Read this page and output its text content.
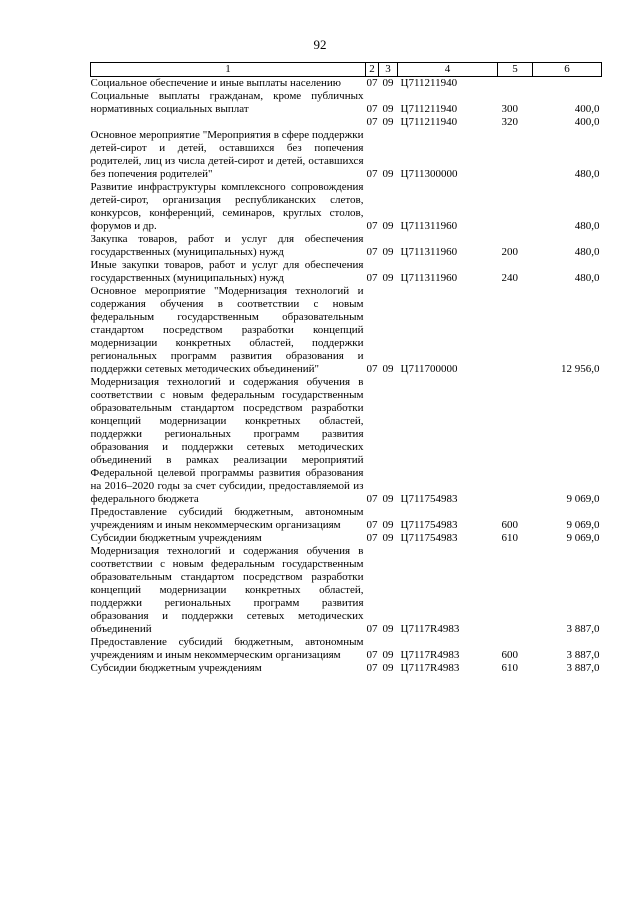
92
1	2	3	4	5	6
Социальное обеспечение и иные выплаты населению	07	09	Ц711211940		
Социальные выплаты гражданам, кроме публичных нормативных социальных выплат	07	09	Ц711211940	300	400,0
	07	09	Ц711211940	320	400,0
Основное мероприятие "Мероприятия в сфере поддержки детей-сирот и детей, оставшихся без попечения родителей, лиц из числа детей-сирот и детей, оставшихся без попечения родителей"	07	09	Ц711300000		480,0
Развитие инфраструктуры комплексного сопровождения детей-сирот, организация республиканских слетов, конкурсов, конференций, семинаров, круглых столов, форумов и др.	07	09	Ц711311960		480,0
Закупка товаров, работ и услуг для обеспечения государственных (муниципальных) нужд	07	09	Ц711311960	200	480,0
Иные закупки товаров, работ и услуг для обеспечения государственных (муниципальных) нужд	07	09	Ц711311960	240	480,0
Основное мероприятие "Модернизация технологий и содержания обучения в соответствии с новым федеральным государственным образовательным стандартом посредством разработки концепций модернизации конкретных областей, поддержки региональных программ развития образования и поддержки сетевых методических объединений"	07	09	Ц711700000		12 956,0
Модернизация технологий и содержания обучения в соответствии с новым федеральным государственным образовательным стандартом посредством разработки концепций модернизации конкретных областей, поддержки региональных программ развития образования и поддержки сетевых методических объединений в рамках реализации мероприятий Федеральной целевой программы развития образования на 2016–2020 годы за счет субсидии, предоставляемой из федерального бюджета	07	09	Ц711754983		9 069,0
Предоставление субсидий бюджетным, автономным учреждениям и иным некоммерческим организациям	07	09	Ц711754983	600	9 069,0
Субсидии бюджетным учреждениям	07	09	Ц711754983	610	9 069,0
Модернизация технологий и содержания обучения в соответствии с новым федеральным государственным образовательным стандартом посредством разработки концепций модернизации конкретных областей, поддержки региональных программ развития образования и поддержки сетевых методических объединений	07	09	Ц7117R4983		3 887,0
Предоставление субсидий бюджетным, автономным учреждениям и иным некоммерческим организациям	07	09	Ц7117R4983	600	3 887,0
Субсидии бюджетным учреждениям	07	09	Ц7117R4983	610	3 887,0
